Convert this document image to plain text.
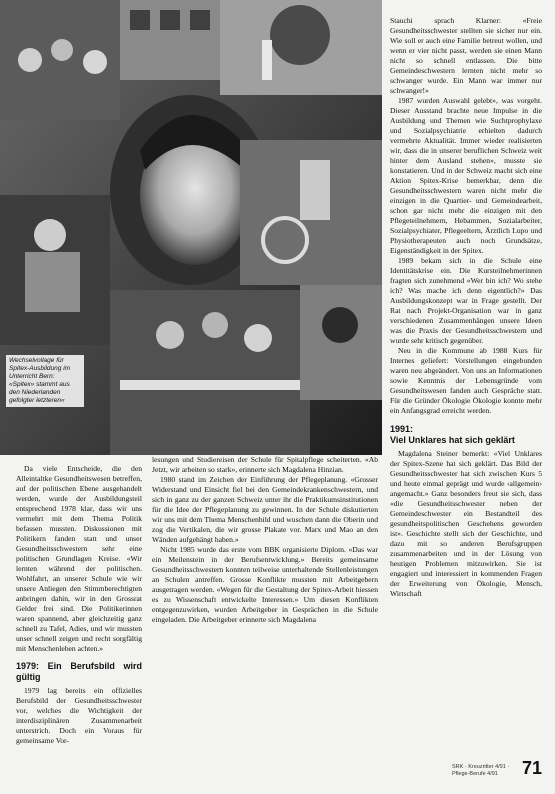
Wechselvollage für Spitex-Ausbildung im Unterricht Bern: «Spitex» stammt aus den Niederlanden gefolgter letzteren«

Da viele Entscheide, die den Alleintaltke Gesundheitswesen betreffen, auf der politischen Ebene ausgehandelt werden, wurde der Ausbildungsteil entsprechend 1978 klar, dass wir uns vermehrt mit dem Thema Politik befassen mussten. Diskussionen mit Politikern fanden statt und unser Gesundheitsschwestern sehr eine politischen Grundlagen Kreise. «Wir lernten während der politischen. Wohlfahrt, an unserer Schule wie wir unsere Anliegen den Stimmberechtigten anbringen dahin, wir in den Grossrat Gelder frei sind. Die Politikerinnen waren spannend, aber gleichzeitig ganz schnell zu Tafel, Adies, und wir mussten unser schnell zeigen und recht sorgfältig mit Menschenleben achten.»

1979: Ein Berufsbild wird gültig

1979 lag bereits ein offizielles Berufsbild der Gesundheitsschwester vor, welches die Wichtigkeit der interdisziplinären Zusammenarbeit unterstrich. Doch ein Voraus für gemeinsame Vor-

lesungen und Studiereisen der Schule für Spitalpflege scheiterten. «Ab Jetzt, wir arbeiten so stark», erinnerte sich Magdalena Hinzian.

1980 stand im Zeichen der Einführung der Pflegeplanung. «Grosser Widerstand und Einsicht fiel bei den Gemeindekrankenschwestern, und sich in ganz zu der ganzen Schweiz unter ihr die Praktikumsinstitutionen für die Idee der Pflegeplanung zu gewinnen. In der Schule diskutierten wir uns mit dem Thema Menschenbild und wuschen dann die Oberin und zog die Vertikalen, die wir grosse Plakate vor. Marx und Mao an den Wänden aufgehängt haben.»

Nicht 1985 wurde das erste vom BBK organisierte Diplom. «Das war ein Meilenstein in der Berufsentwicklung.» Bereits gemeinsame Gesundheitsschwestern konnten teilweise unterhaltende Stellenleistungen an Schulen antreffen. Grosse Konflikte mussten mit Arbeitgebern ausgetragen werden. «Wegen für die Gestaltung der Spitex-Arbeit hiessen es zu Wissenschaft entwickelte Interessen.» Um diesen Konflikten entgegenzuwirken, wurden Arbeitgeber in Gesprächen in die Schule eingeladen. Die Arbeitgeber erinnerte sich Magdalena

Stauchi sprach Klarner: «Freie Gesundheitsschwester stellten sie sicher nur ein. Wie soll er auch eine Familie betreut wollen, und wenn er vier nicht passt, werden sie einen Mann nicht so schnell entlassen. Die bitte Gemeindeschwestern lernten nicht mehr so schwanger wurde. Ein Mann war immer nur schwanger!»

1987 wurden Auswahl gelebt», was vorgeht. Dieser Ausstand brachte neue Impulse in die Ausbildung und Themen wie Suchtprophylaxe und Sozialpsychiatrie erhielten dadurch vermehrte Aktualität. Immer wieder realisierten wir, dass die in unserer beruflichen Schweiz weit hinter dem Ausland stehen», musste sie konstatieren. Und in der Schweiz macht sich eine Aktion Spitex-Krise bemerkbar, denn die Gesundheitsschwestern waren nicht mehr die einzigen in die Quartier- und Gemeindearbeit, schon gar nicht mehr die einzigen mit den Pflegeteilnehmern, Hebammen, Sozialarbeiter, Sozialpsychiater, Pflegeeltern, Ärztlich Lupo und Physiotherapeuten auch noch Grundsätze, Eigenständigkeit in der Spitex.

1989 bekam sich in die Schule eine Identitätskrise ein. Die Kursteilnehmerinnen fragten sich zunehmend «Wer bin ich? Wo stehe ich? Was mache ich denn eigentlich?» Das Ausbildungskonzept war in Frage gestellt. Der Rat nach Projekt-Organisation war in ganz verschiedenen Zusammenhängen unsere Ideen was die Praxis der Gesundheitsschwestern und wurde sehr kritisch gegenüber.

Neu in die Kommune ab 1988 Kurs für Internes geliefert: Vorstellungen eingebunden waren neu abgeändert. Von uns an Informationen sowie Kenntnis der Lebensgründe vom Gesundheitswesen fanden auch Gespräche statt. Für die Gründer Ökologie Ökologie konnte mehr ein Anfangsgrad erreicht werden.

1991:
Viel Unklares hat sich geklärt

Magdalena Steiner bemerkt: «Viel Unklares der Spitex-Szene hat sich geklärt. Das Bild der Gesundheitsschwester hat sich zwischen Kurs 5 und heute einmal geprägt und wurde ‹allgemein› angemacht.» Ganz besonders freut sie sich, dass «die Gesundheitsschwester neben der Gemeindeschwester ein Bestandteil des gesundheitspolitischen Geschehens geworden ist». Geschichte stellt sich der Geschichte, und dazu mit so anderen Berufsgruppen zusammenarbeiten und in der Lösung von heutigen Problemen mitzuwirken. Sie ist engagiert und interessiert in kommenden Fragen der Erweiterung von Ökologie, Mensch, Wirtschaft

SRK · Kreuzritter 4/91 · Pflege-Berufe 4/91	71
